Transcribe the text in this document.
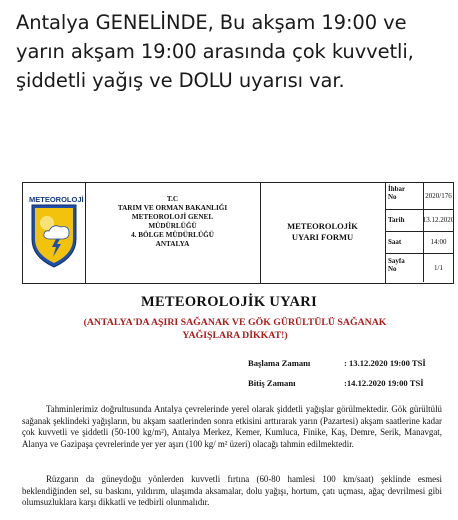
Antalya GENELİNDE, Bu akşam 19:00 ve yarın akşam 19:00 arasında çok kuvvetli, şiddetli yağış ve DOLU uyarısı var.
METEOROLOJİ	T.C
TARIM VE ORMAN BAKANLIĞI
METEOROLOJİ GENEL
MÜDÜRLÜĞÜ
4. BÖLGE MÜDÜRLÜĞÜ
ANTALYA
METEOROLOJİK
UYARI FORMU
İhbar
No	2020/176
Tarih	13.12.2020
Saat	14:00
Sayfa
No	1/1
METEOROLOJİK UYARI
(ANTALYA'DA AŞIRI SAĞANAK VE GÖK GÜRÜLTÜLÜ SAĞANAK
YAĞIŞLARA DİKKAT!)
Başlama Zamanı	: 13.12.2020 19:00 TSİ
Bitiş Zamanı	:14.12.2020 19:00 TSİ
Tahminlerimiz doğrultusunda Antalya çevrelerinde yerel olarak şiddetli yağışlar görülmektedir. Gök gürültülü sağanak şeklindeki yağışların, bu akşam saatlerinden sonra etkisini arttırarak yarın (Pazartesi) akşam saatlerine kadar çok kuvvetli ve şiddetli (50-100 kg/m²), Antalya Merkez, Kemer, Kumluca, Finike, Kaş, Demre, Serik, Manavgat, Alanya ve Gazipaşa çevrelerinde yer yer aşırı (100 kg/ m² üzeri) olacağı tahmin edilmektedir.
Rüzgarın da güneydoğu yönlerden kuvvetli fırtına (60-80 hamlesi 100 km/saat) şeklinde esmesi beklendiğinden sel, su baskını, yıldırım, ulaşımda aksamalar, dolu yağışı, hortum, çatı uçması, ağaç devrilmesi gibi olumsuzluklara karşı dikkatli ve tedbirli olunmalıdır.
